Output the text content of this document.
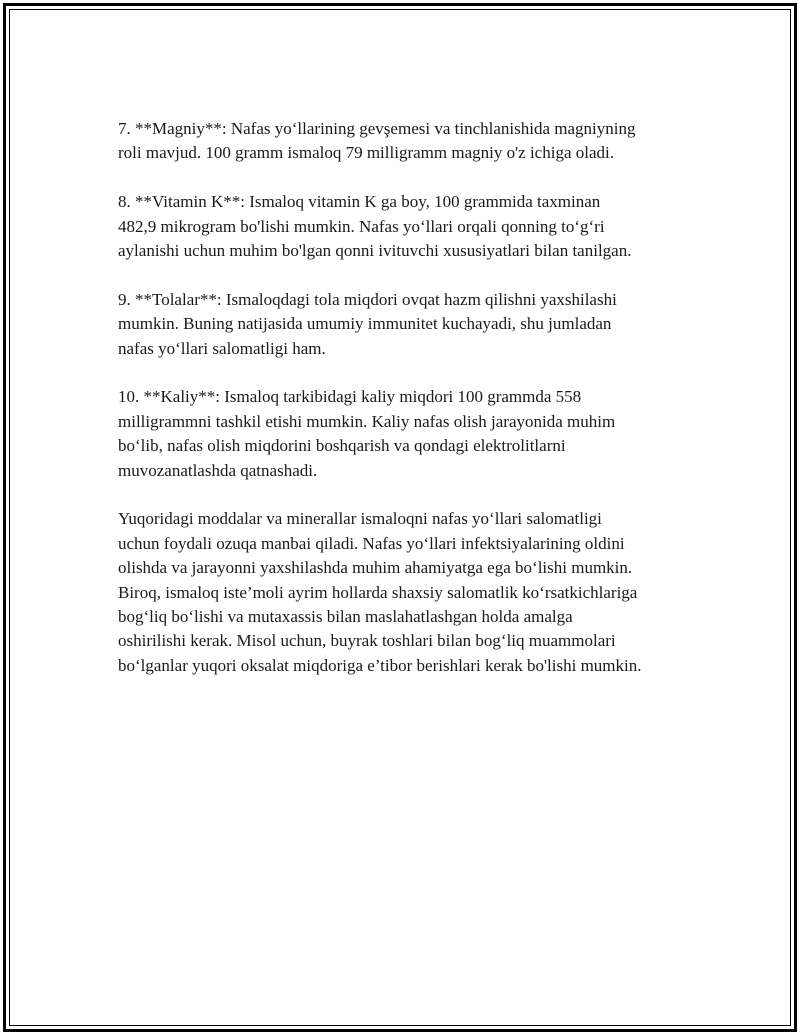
7. **Magniy**: Nafas yo‘llarining gevşemesi va tinchlanishida magniyning
roli mavjud. 100 gramm ismaloq 79 milligramm magniy o'z ichiga oladi.

8. **Vitamin K**: Ismaloq vitamin K ga boy, 100 grammida taxminan
482,9 mikrogram bo'lishi mumkin. Nafas yo‘llari orqali qonning to‘g‘ri
aylanishi uchun muhim bo'lgan qonni ivituvchi xususiyatlari bilan tanilgan.

9. **Tolalar**: Ismaloqdagi tola miqdori ovqat hazm qilishni yaxshilashi
mumkin. Buning natijasida umumiy immunitet kuchayadi, shu jumladan
nafas yo‘llari salomatligi ham.

10. **Kaliy**: Ismaloq tarkibidagi kaliy miqdori 100 grammda 558
milligrammni tashkil etishi mumkin. Kaliy nafas olish jarayonida muhim
bo‘lib, nafas olish miqdorini boshqarish va qondagi elektrolitlarni
muvozanatlashda qatnashadi.

Yuqoridagi moddalar va minerallar ismaloqni nafas yo‘llari salomatligi
uchun foydali ozuqa manbai qiladi. Nafas yo‘llari infektsiyalarining oldini
olishda va jarayonni yaxshilashda muhim ahamiyatga ega bo‘lishi mumkin.
Biroq, ismaloq iste’moli ayrim hollarda shaxsiy salomatlik ko‘rsatkichlariga
bog‘liq bo‘lishi va mutaxassis bilan maslahatlashgan holda amalga
oshirilishi kerak. Misol uchun, buyrak toshlari bilan bog‘liq muammolari
bo‘lganlar yuqori oksalat miqdoriga e’tibor berishlari kerak bo'lishi mumkin.
